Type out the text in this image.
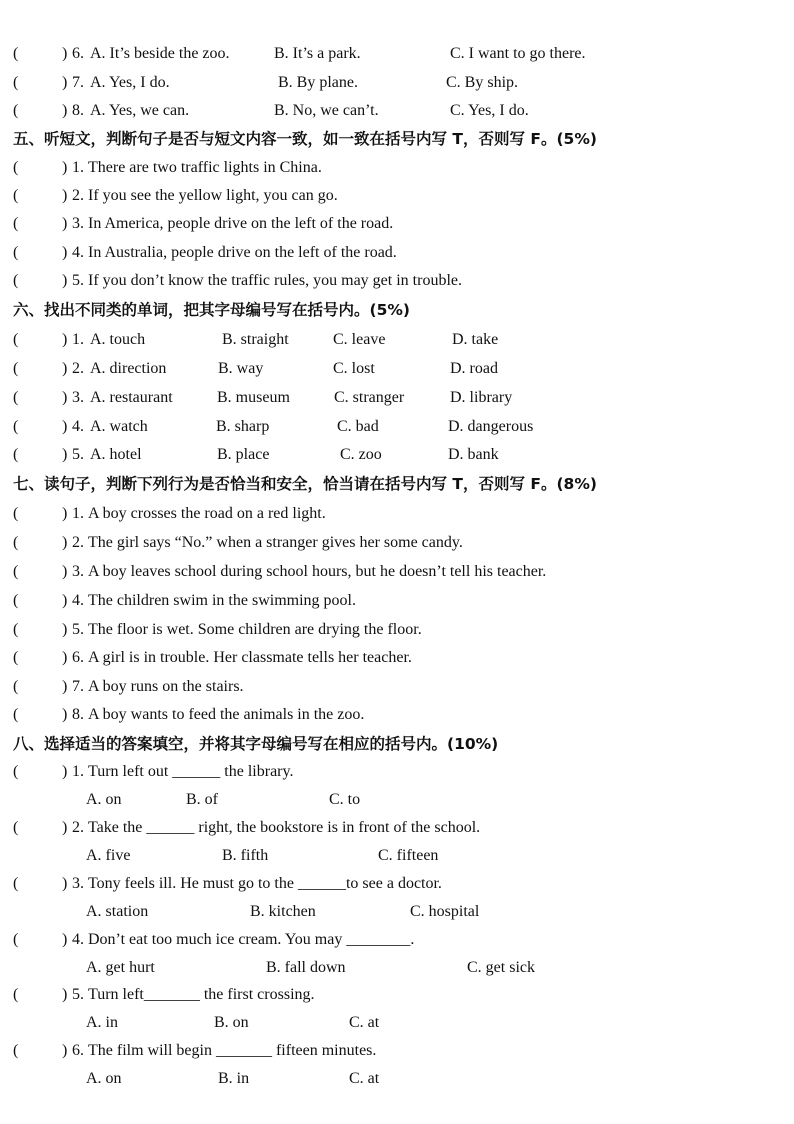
(	) 6. A. It’s beside the zoo.	B. It’s a park.	C. I want to go there.
(	) 7. A. Yes, I do.	B. By plane.	C. By ship.
(	) 8. A. Yes, we can.	B. No, we can’t.	C. Yes, I do.
五、听短文，判断句子是否与短文内容一致，如一致在括号内写 T，否则写 F。(5%)
(	) 1. There are two traffic lights in China.
(	) 2. If you see the yellow light, you can go.
(	) 3. In America, people drive on the left of the road.
(	) 4. In Australia, people drive on the left of the road.
(	) 5. If you don’t know the traffic rules, you may get in trouble.
六、找出不同类的单词，把其字母编号写在括号内。(5%)
(	) 1. A. touch	B. straight	C. leave	D. take
(	) 2. A. direction	B. way	C. lost	D. road
(	) 3. A. restaurant	B. museum	C. stranger	D. library
(	) 4. A. watch	B. sharp	C. bad	D. dangerous
(	) 5. A. hotel	B. place	C. zoo	D. bank
七、读句子，判断下列行为是否恰当和安全，恰当请在括号内写 T，否则写 F。(8%)
(	) 1. A boy crosses the road on a red light.
(	) 2. The girl says “No.” when a stranger gives her some candy.
(	) 3. A boy leaves school during school hours, but he doesn’t tell his teacher.
(	) 4. The children swim in the swimming pool.
(	) 5. The floor is wet. Some children are drying the floor.
(	) 6. A girl is in trouble. Her classmate tells her teacher.
(	) 7. A boy runs on the stairs.
(	) 8. A boy wants to feed the animals in the zoo.
八、选择适当的答案填空，并将其字母编号写在相应的括号内。(10%)
(	) 1. Turn left out ______ the library.
A. on	B. of	C. to
(	) 2. Take the ______ right, the bookstore is in front of the school.
A. five	B. fifth	C. fifteen
(	) 3. Tony feels ill. He must go to the ______to see a doctor.
A. station	B. kitchen	C. hospital
(	) 4. Don’t eat too much ice cream. You may ________.
A. get hurt	B. fall down	C. get sick
(	) 5. Turn left_______ the first crossing.
A. in	B. on	C. at
(	) 6. The film will begin _______ fifteen minutes.
A. on	B. in	C. at
